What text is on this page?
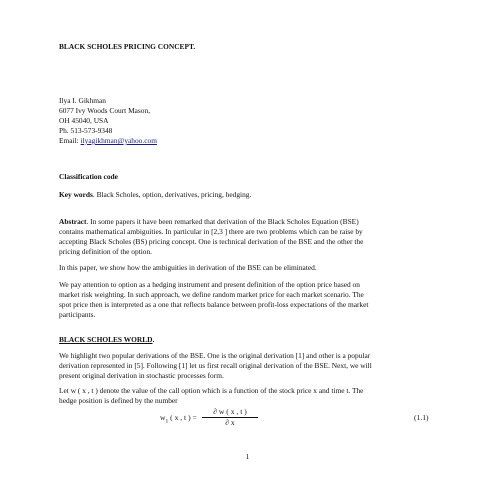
BLACK SCHOLES PRICING CONCEPT.
Ilya I. Gikhman
6077 Ivy Woods Court Mason,
OH 45040, USA
Ph. 513-573-9348
Email: ilyagikhman@yahoo.com
Classification code
Key words. Black Scholes, option, derivatives, pricing, hedging.
Abstract. In some papers it have been remarked that derivation of the Black Scholes Equation (BSE)
contains mathematical ambiguities. In particular in [2,3 ] there are two problems which can be raise by
accepting Black Scholes (BS) pricing concept. One is technical derivation of the BSE and the other the
pricing definition of the option.
In this paper, we show how the ambiguities in derivation of the BSE can be eliminated.
We pay attention to option as a hedging instrument and present definition of the option price based on
market risk weighting. In such approach, we define random market price for each market scenario. The
spot price then is interpreted as a one that reflects balance between profit-loss expectations of the market
participants.
BLACK SCHOLES WORLD.
We highlight two popular derivations of the BSE. One is the original derivation [1] and other is a popular
derivation represented in [5]. Following [1] let us first recall original derivation of the BSE. Next, we will
present original derivation in stochastic processes form.
Let w ( x , t ) denote the value of the call option which is a function of the stock price x and time t. The
hedge position is defined by the number
$w_1$ ( x , t ) =
∂ w ( x , t )
∂ x
(1.1)
1
